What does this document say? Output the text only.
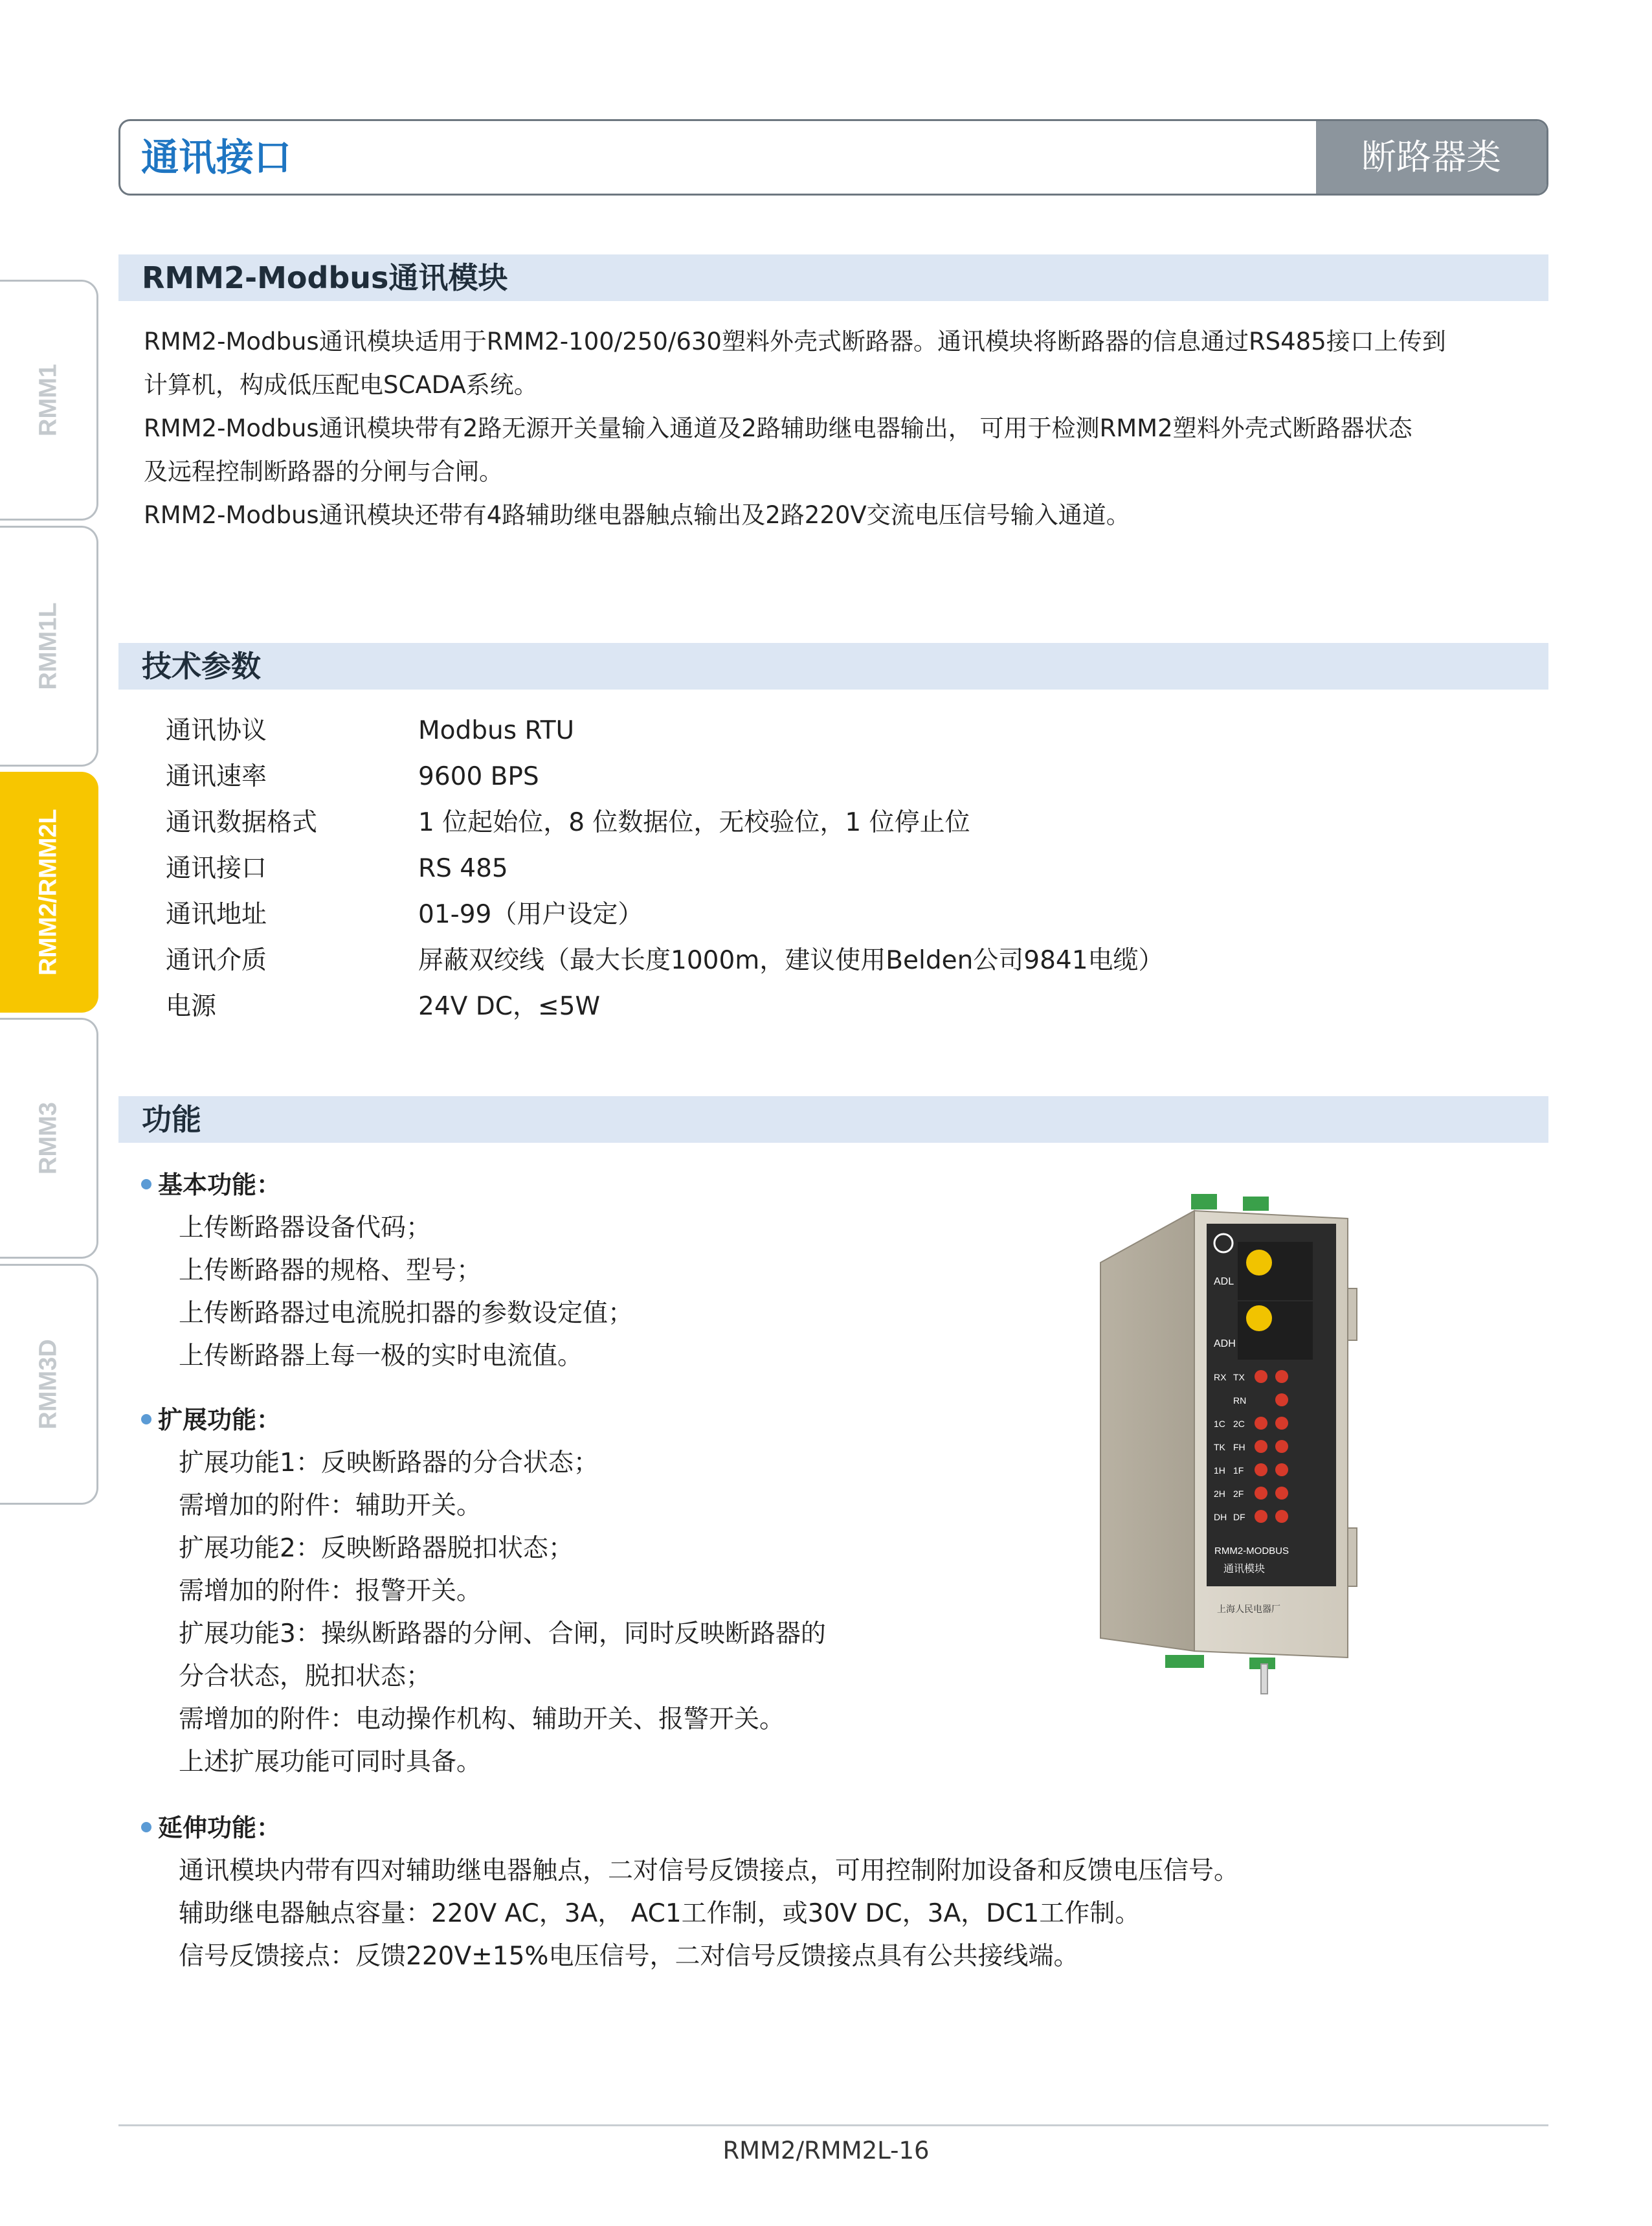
通讯接口	断路器类
RMM1
RMM1L
RMM2/RMM2L
RMM3
RMM3D
RMM2-Modbus通讯模块

RMM2-Modbus通讯模块适用于RMM2-100/250/630塑料外壳式断路器。通讯模块将断路器的信息通过RS485接口上传到

计算机，构成低压配电SCADA系统。

RMM2-Modbus通讯模块带有2路无源开关量输入通道及2路辅助继电器输出， 可用于检测RMM2塑料外壳式断路器状态

及远程控制断路器的分闸与合闸。

RMM2-Modbus通讯模块还带有4路辅助继电器触点输出及2路220V交流电压信号输入通道。

技术参数
通讯协议	Modbus RTU
通讯速率	9600 BPS
通讯数据格式	1 位起始位，8 位数据位，无校验位，1 位停止位
通讯接口	RS 485
通讯地址	01-99（用户设定）
通讯介质	屏蔽双绞线（最大长度1000m，建议使用Belden公司9841电缆）
电源	24V DC，≤5W
功能
基本功能：
上传断路器设备代码；
上传断路器的规格、型号；
上传断路器过电流脱扣器的参数设定值；
上传断路器上每一极的实时电流值。
扩展功能：
扩展功能1：反映断路器的分合状态；
需增加的附件：辅助开关。
扩展功能2：反映断路器脱扣状态；
需增加的附件：报警开关。
扩展功能3：操纵断路器的分闸、合闸，同时反映断路器的
分合状态，脱扣状态；
需增加的附件：电动操作机构、辅助开关、报警开关。
上述扩展功能可同时具备。
延伸功能：
通讯模块内带有四对辅助继电器触点，二对信号反馈接点，可用控制附加设备和反馈电压信号。
辅助继电器触点容量：220V AC，3A， AC1工作制，或30V DC，3A，DC1工作制。
信号反馈接点：反馈220V±15%电压信号，二对信号反馈接点具有公共接线端。
ADL
ADH
RX TX
RN
1C 2C
TK FH
1H 1F
2H 2F
DH DF
RMM2-MODBUS
通讯模块
上海人民电器厂
RMM2/RMM2L-16
